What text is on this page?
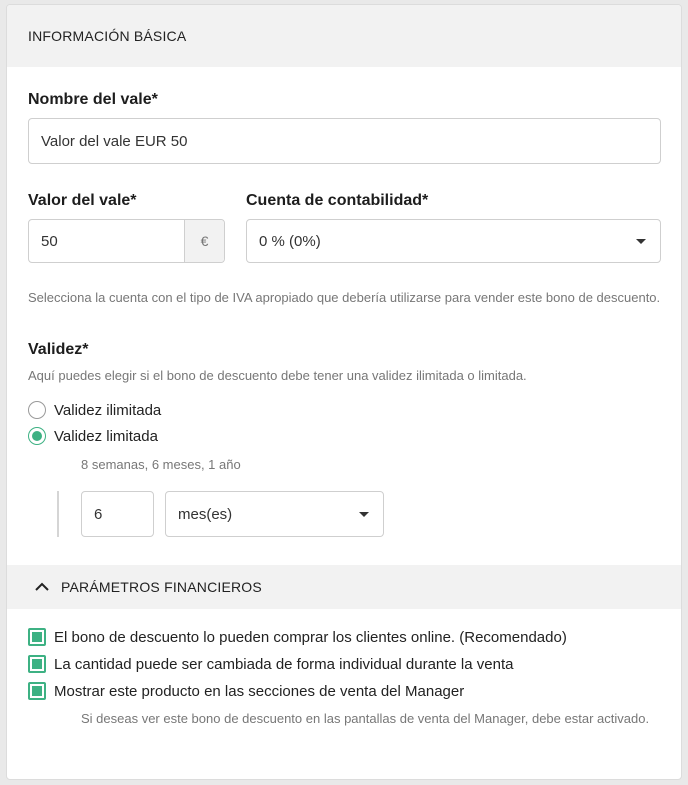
INFORMACIÓN BÁSICA
Nombre del vale*
Valor del vale EUR 50
Valor del vale*
50	€
Cuenta de contabilidad*
0 % (0%)
Selecciona la cuenta con el tipo de IVA apropiado que debería utilizarse para vender este bono de descuento.
Validez*
Aquí puedes elegir si el bono de descuento debe tener una validez ilimitada o limitada.
Validez ilimitada
Validez limitada
8 semanas, 6 meses, 1 año
6	mes(es)
PARÁMETROS FINANCIEROS
El bono de descuento lo pueden comprar los clientes online. (Recomendado)
La cantidad puede ser cambiada de forma individual durante la venta
Mostrar este producto en las secciones de venta del Manager
Si deseas ver este bono de descuento en las pantallas de venta del Manager, debe estar activado.
